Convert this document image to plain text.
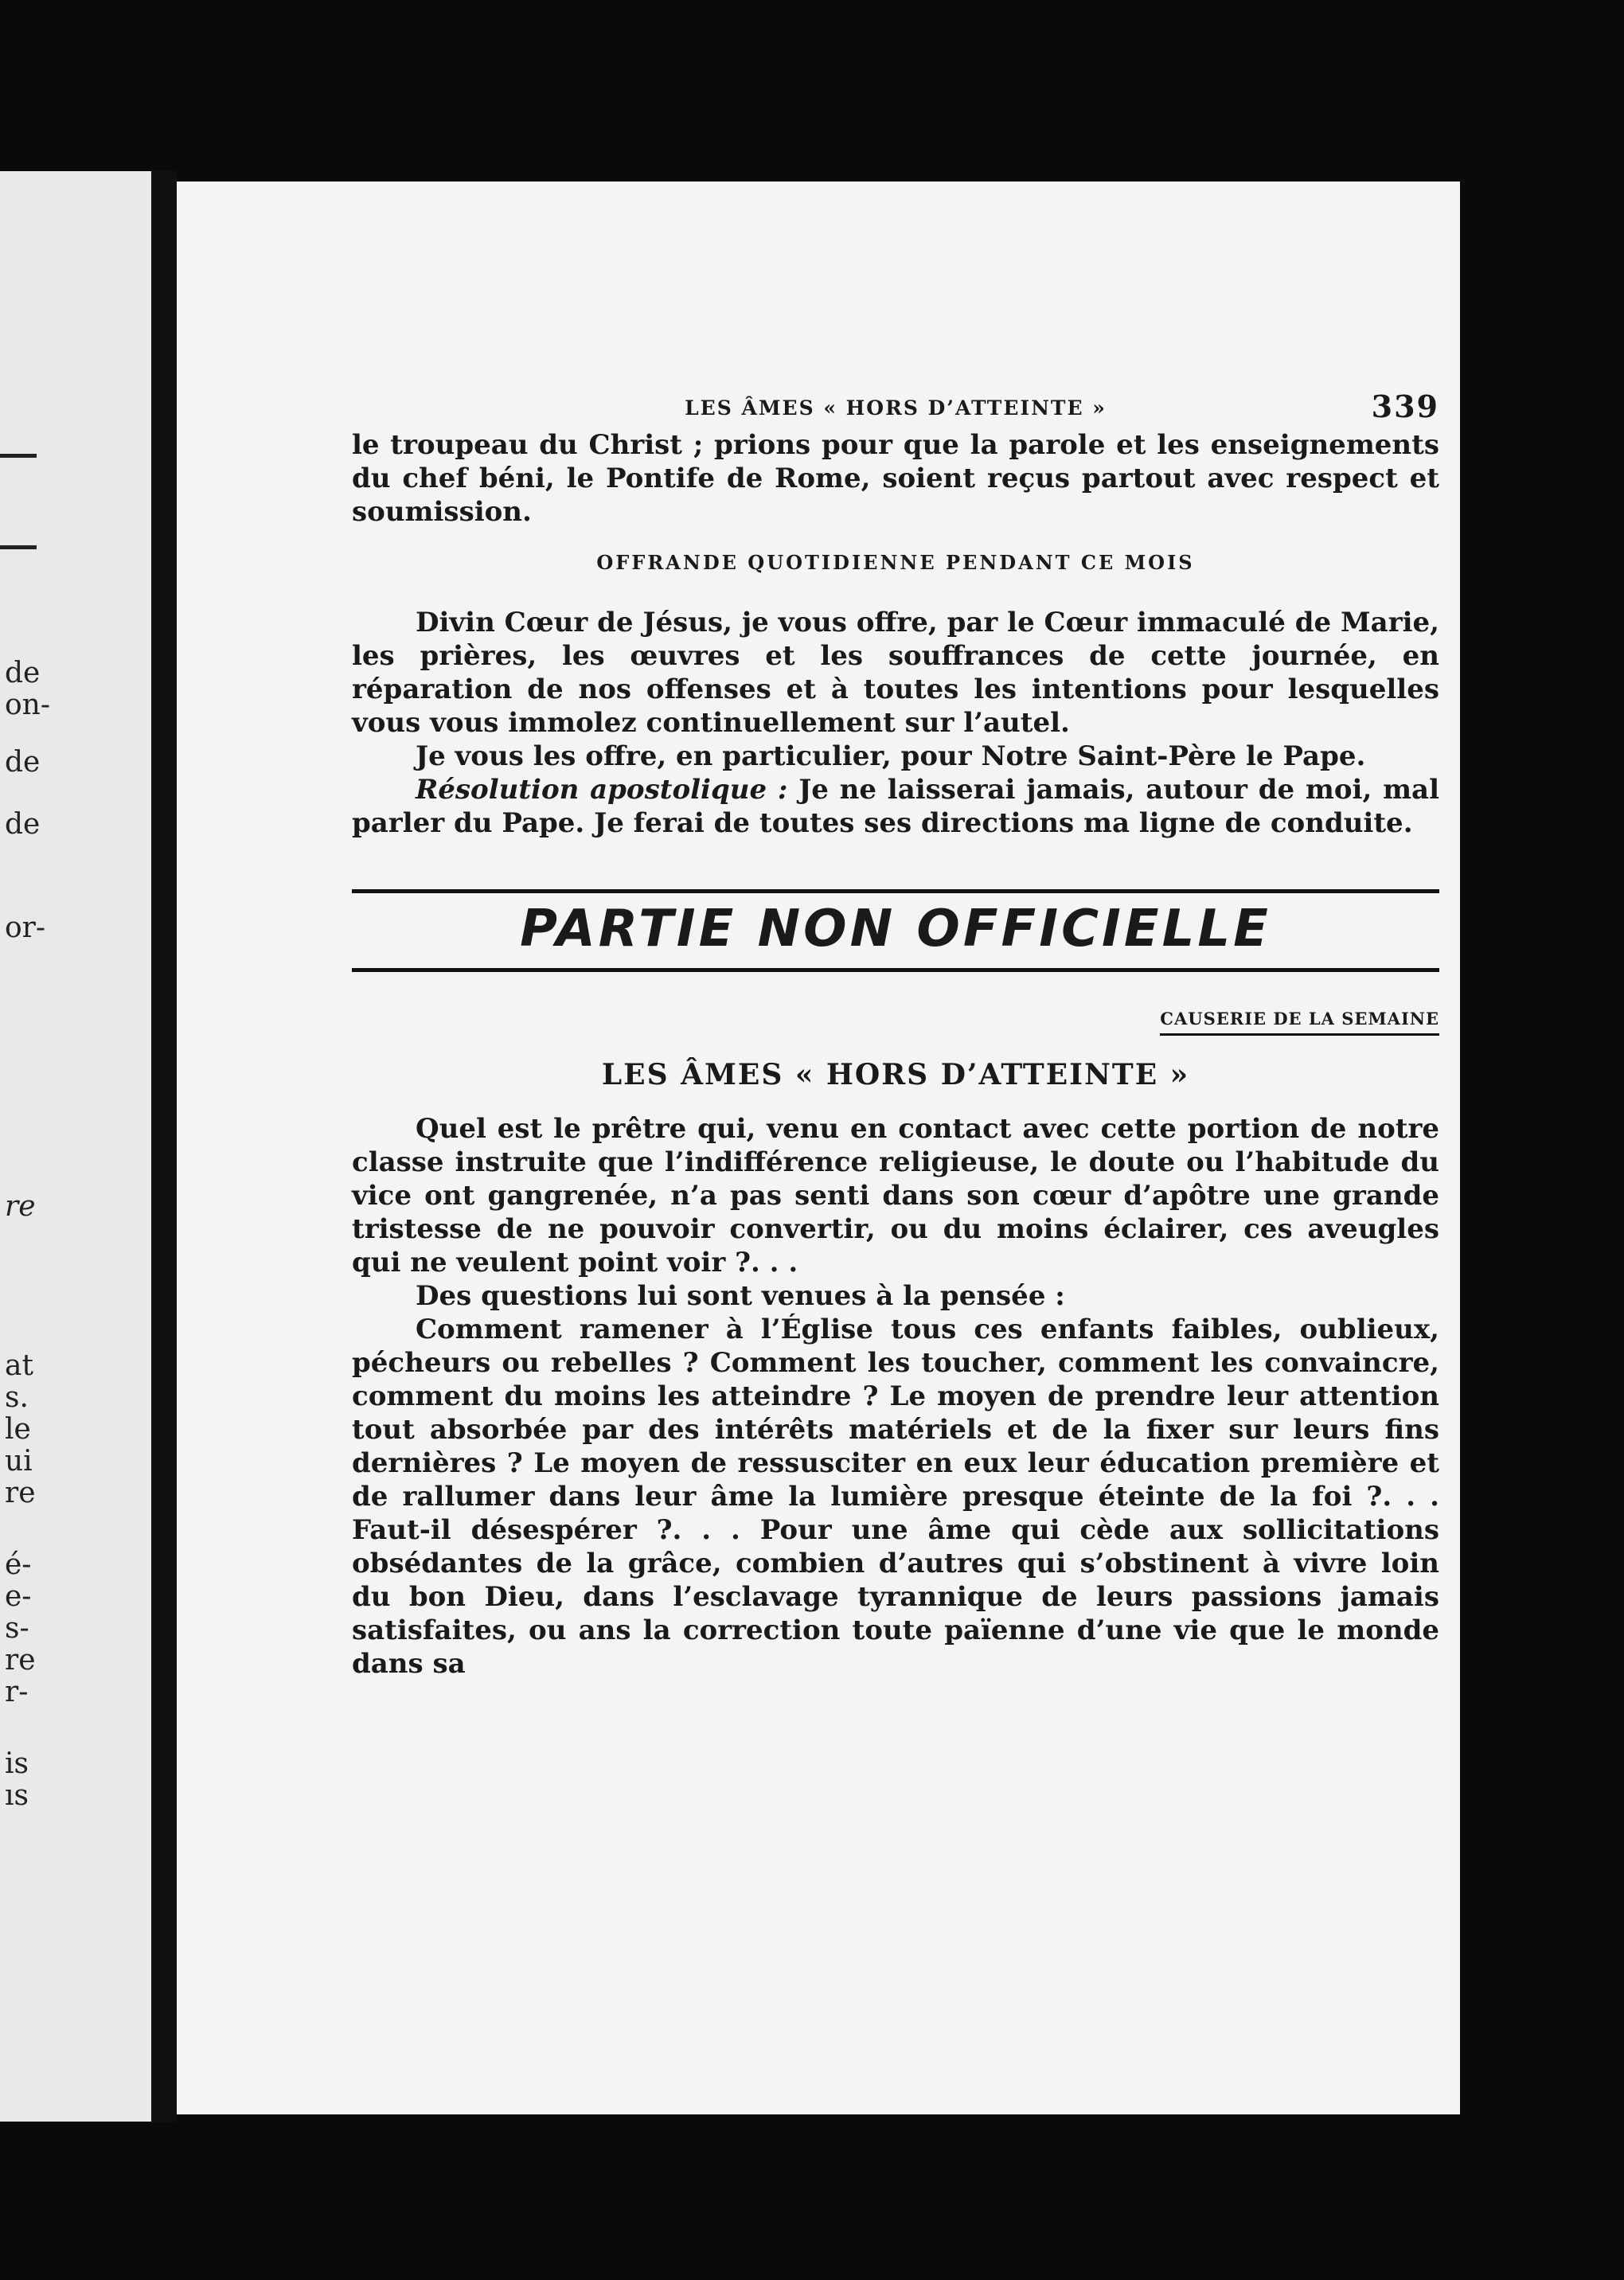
de
on-
de
de
or-
re
at
s.
le
ui
re
é-
e-
s-
re
r-
is
ıs
LES ÂMES « HORS D’ATTEINTE »	339

le troupeau du Christ ; prions pour que la parole et les enseignements du chef béni, le Pontife de Rome, soient reçus partout avec respect et soumission.

OFFRANDE QUOTIDIENNE PENDANT CE MOIS

Divin Cœur de Jésus, je vous offre, par le Cœur immaculé de Marie, les prières, les œuvres et les souffrances de cette journée, en réparation de nos offenses et à toutes les intentions pour lesquelles vous vous immolez continuellement sur l’autel.

Je vous les offre, en particulier, pour Notre Saint-Père le Pape.

Résolution apostolique : Je ne laisserai jamais, autour de moi, mal parler du Pape. Je ferai de toutes ses directions ma ligne de conduite.

PARTIE NON OFFICIELLE
CAUSERIE DE LA SEMAINE
LES ÂMES « HORS D’ATTEINTE »

Quel est le prêtre qui, venu en contact avec cette portion de notre classe instruite que l’indifférence religieuse, le doute ou l’habitude du vice ont gangrenée, n’a pas senti dans son cœur d’apôtre une grande tristesse de ne pouvoir convertir, ou du moins éclairer, ces aveugles qui ne veulent point voir ?. . .

Des questions lui sont venues à la pensée :

Comment ramener à l’Église tous ces enfants faibles, oublieux, pécheurs ou rebelles ? Comment les toucher, comment les convaincre, comment du moins les atteindre ? Le moyen de prendre leur attention tout absorbée par des intérêts matériels et de la fixer sur leurs fins dernières ? Le moyen de ressusciter en eux leur éducation première et de rallumer dans leur âme la lumière presque éteinte de la foi ?. . . Faut-il désespérer ?. . . Pour une âme qui cède aux sollicitations obsédantes de la grâce, combien d’autres qui s’obstinent à vivre loin du bon Dieu, dans l’esclavage tyrannique de leurs passions jamais satisfaites, ou ans la correction toute païenne d’une vie que le monde dans sa
